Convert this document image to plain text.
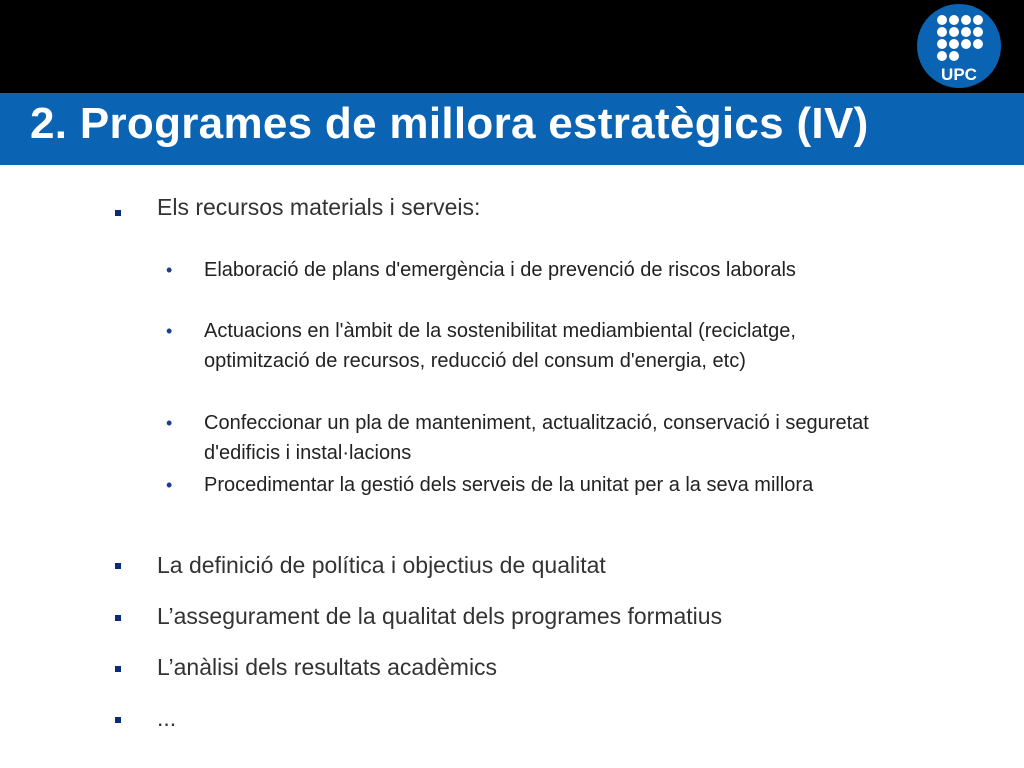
UPC
2. Programes de millora estratègics (IV)
Els recursos materials i serveis:
• Elaboració de plans d'emergència i de prevenció de riscos laborals
• Actuacions en l'àmbit de la sostenibilitat mediambiental (reciclatge, optimització de recursos, reducció del consum d'energia, etc)
• Confeccionar un pla de manteniment, actualització, conservació i seguretat d'edificis i instal·lacions
• Procedimentar la gestió dels serveis de la unitat per a la seva millora
La definició de política i objectius de qualitat
L’assegurament de la qualitat dels programes formatius
L’anàlisi dels resultats acadèmics
...
